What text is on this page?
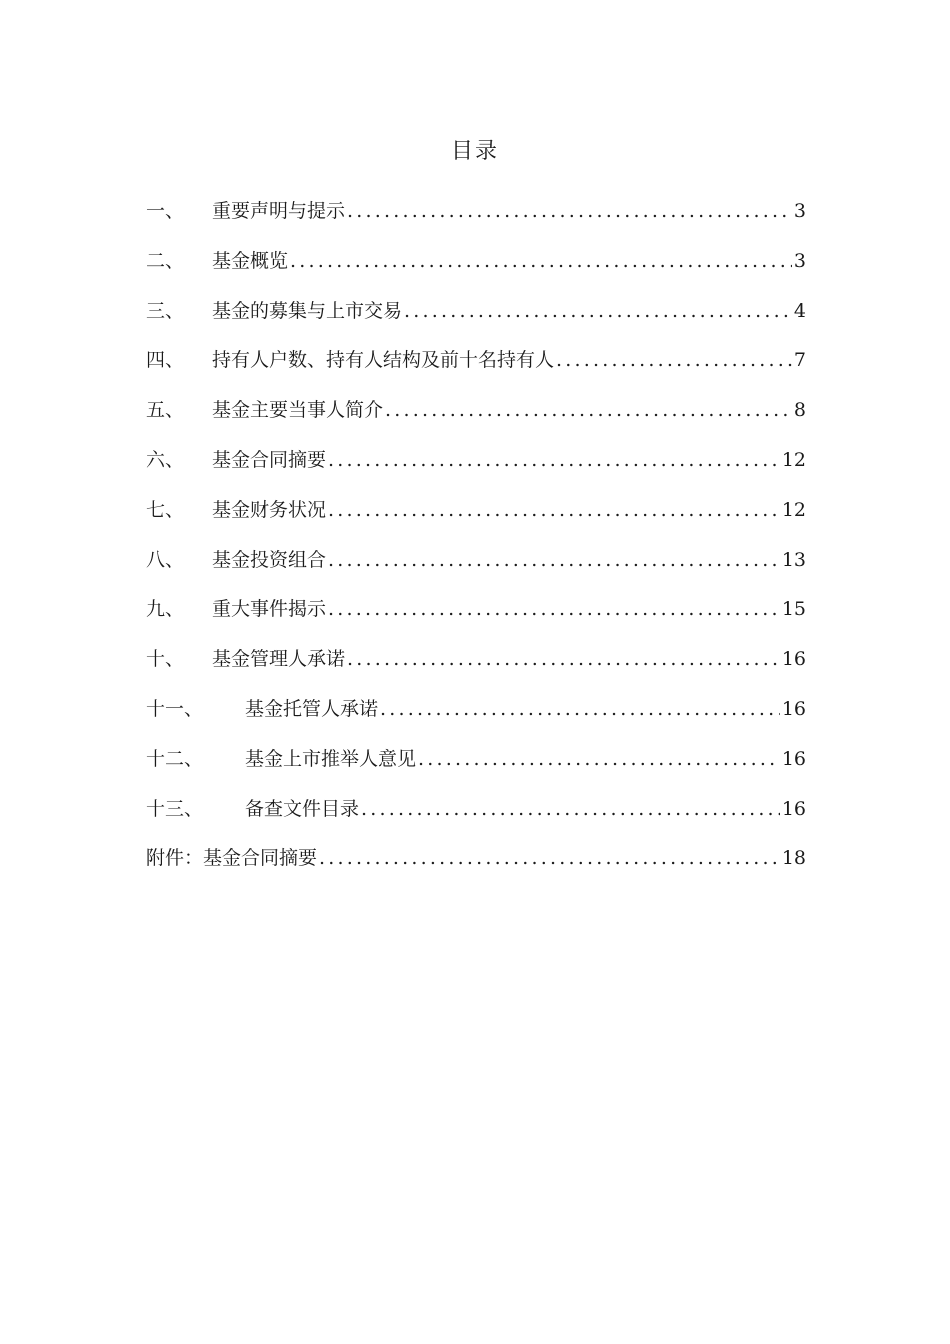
目录
一、	重要声明与提示 .....	3
二、	基金概览 .....	3
三、	基金的募集与上市交易 .....	4
四、	持有人户数、持有人结构及前十名持有人 .....	7
五、	基金主要当事人简介 .....	8
六、	基金合同摘要 .....	12
七、	基金财务状况 .....	12
八、	基金投资组合 .....	13
九、	重大事件揭示 .....	15
十、	基金管理人承诺 .....	16
十一、	基金托管人承诺 .....	16
十二、	基金上市推举人意见 .....	16
十三、	备查文件目录 .....	16
附件：基金合同摘要 .....	18
